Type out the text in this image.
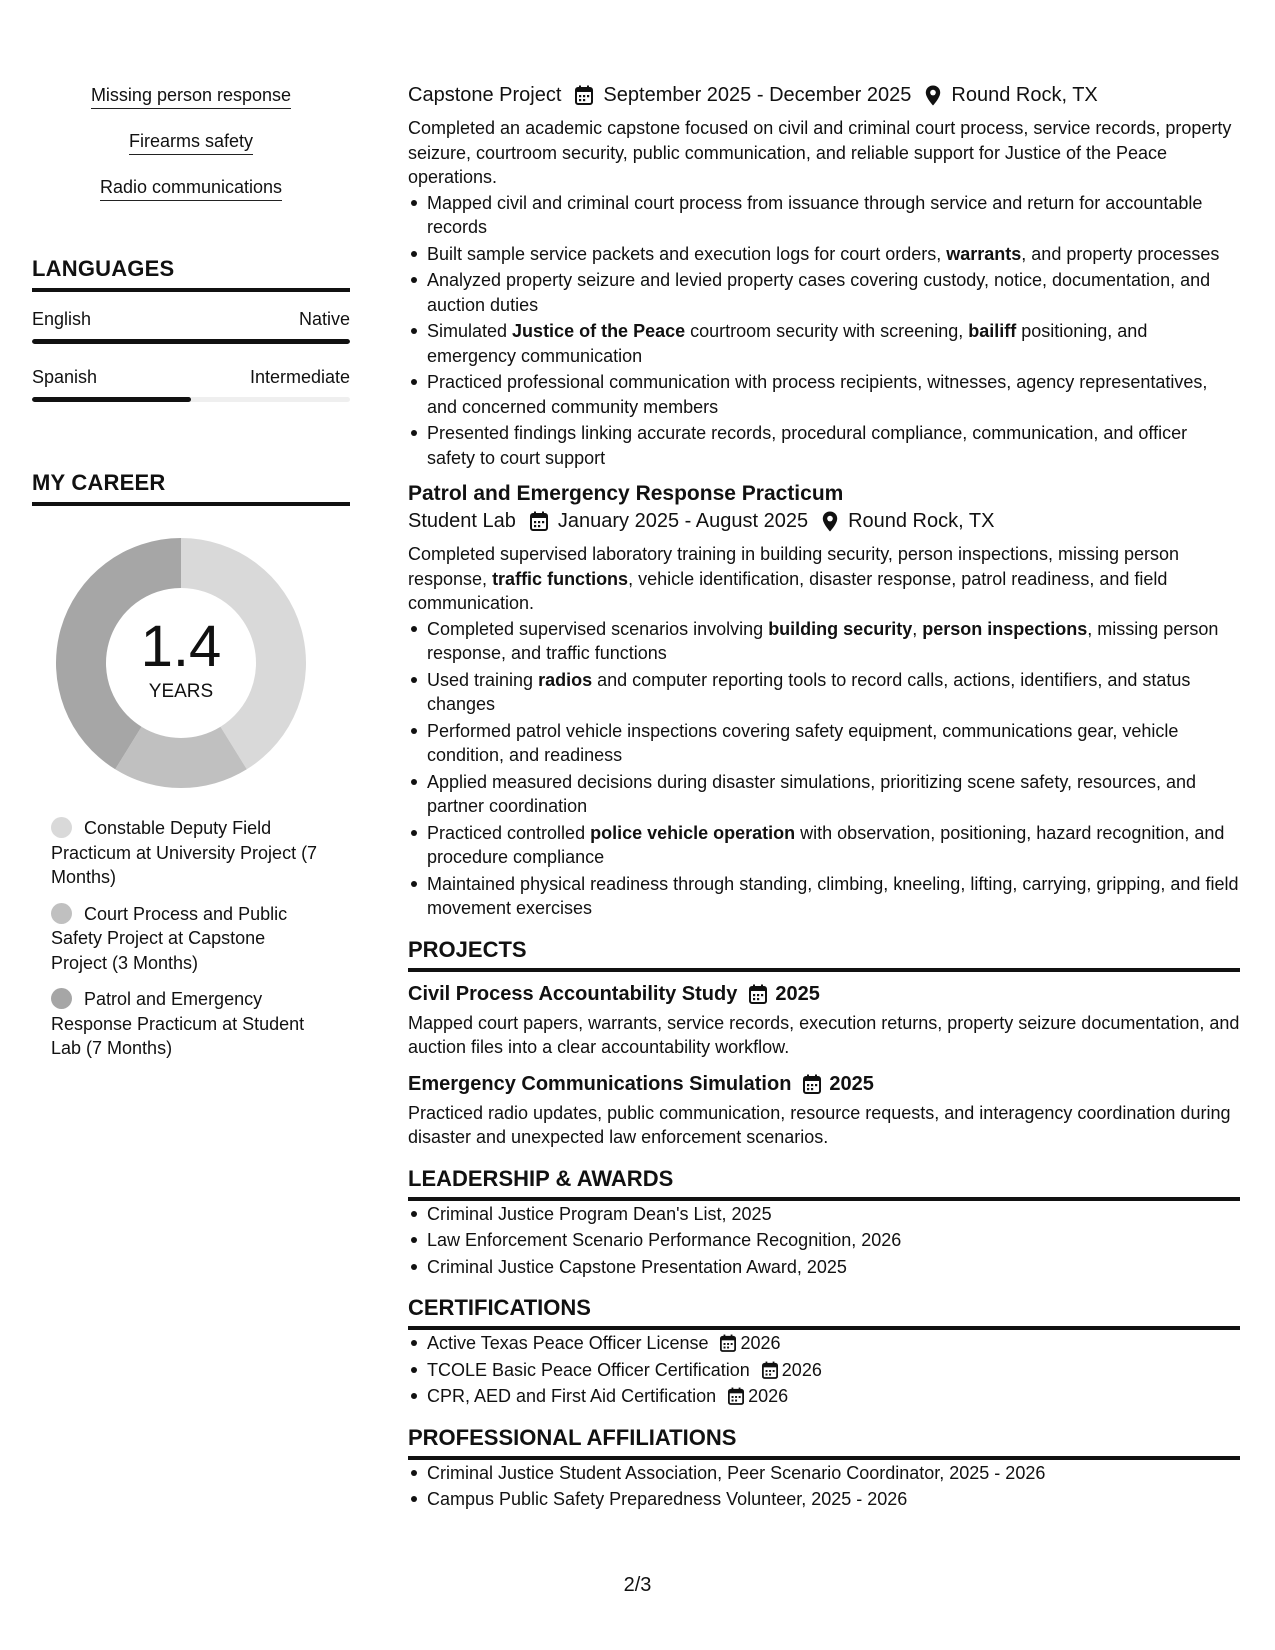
Missing person response
Firearms safety
Radio communications
LANGUAGES
English	Native
Spanish	Intermediate
MY CAREER
1.4
YEARS
Constable Deputy Field Practicum at University Project (7 Months)
Court Process and Public Safety Project at Capstone Project (3 Months)
Patrol and Emergency Response Practicum at Student Lab (7 Months)
Capstone Project September 2025 - December 2025 Round Rock, TX

Completed an academic capstone focused on civil and criminal court process, service records, property seizure, courtroom security, public communication, and reliable support for Justice of the Peace operations.

Mapped civil and criminal court process from issuance through service and return for accountable records
Built sample service packets and execution logs for court orders, warrants, and property processes
Analyzed property seizure and levied property cases covering custody, notice, documentation, and auction duties
Simulated Justice of the Peace courtroom security with screening, bailiff positioning, and emergency communication
Practiced professional communication with process recipients, witnesses, agency representatives, and concerned community members
Presented findings linking accurate records, procedural compliance, communication, and officer safety to court support
Patrol and Emergency Response Practicum
Student Lab January 2025 - August 2025 Round Rock, TX

Completed supervised laboratory training in building security, person inspections, missing person response, traffic functions, vehicle identification, disaster response, patrol readiness, and field communication.

Completed supervised scenarios involving building security, person inspections, missing person response, and traffic functions
Used training radios and computer reporting tools to record calls, actions, identifiers, and status changes
Performed patrol vehicle inspections covering safety equipment, communications gear, vehicle condition, and readiness
Applied measured decisions during disaster simulations, prioritizing scene safety, resources, and partner coordination
Practiced controlled police vehicle operation with observation, positioning, hazard recognition, and procedure compliance
Maintained physical readiness through standing, climbing, kneeling, lifting, carrying, gripping, and field movement exercises
PROJECTS
Civil Process Accountability Study 2025

Mapped court papers, warrants, service records, execution returns, property seizure documentation, and auction files into a clear accountability workflow.

Emergency Communications Simulation 2025

Practiced radio updates, public communication, resource requests, and interagency coordination during disaster and unexpected law enforcement scenarios.

LEADERSHIP & AWARDS
Criminal Justice Program Dean's List, 2025
Law Enforcement Scenario Performance Recognition, 2026
Criminal Justice Capstone Presentation Award, 2025
CERTIFICATIONS
Active Texas Peace Officer License 2026
TCOLE Basic Peace Officer Certification 2026
CPR, AED and First Aid Certification 2026
PROFESSIONAL AFFILIATIONS
Criminal Justice Student Association, Peer Scenario Coordinator, 2025 - 2026
Campus Public Safety Preparedness Volunteer, 2025 - 2026
2/3
